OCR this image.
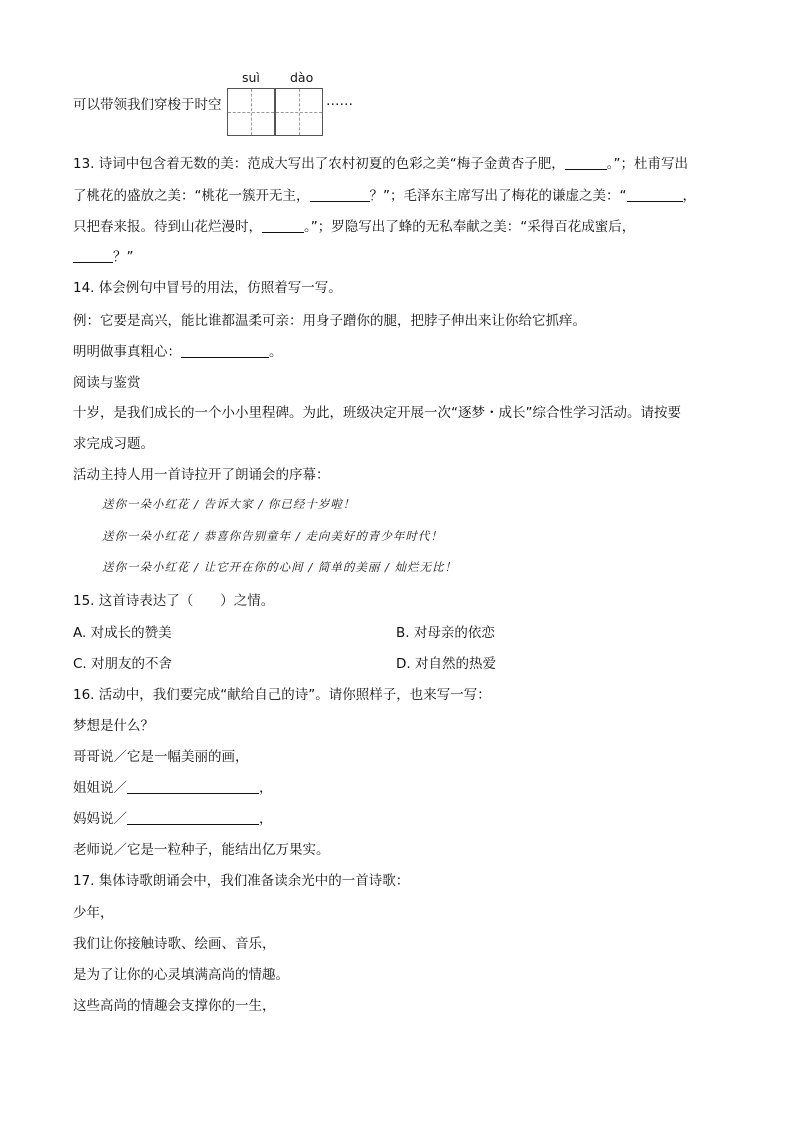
suì dào
可以带领我们穿梭于时空	……
13. 诗词中包含着无数的美：范成大写出了农村初夏的色彩之美“梅子金黄杏子肥，	。”；杜甫写出
了桃花的盛放之美：“桃花一簇开无主，	？”；毛泽东主席写出了梅花的谦虚之美：“	，
只把春来报。待到山花烂漫时，	。”；罗隐写出了蜂的无私奉献之美：“采得百花成蜜后，
？”
14. 体会例句中冒号的用法，仿照着写一写。
例：它要是高兴，能比谁都温柔可亲：用身子蹭你的腿，把脖子伸出来让你给它抓痒。
明明做事真粗心：	。
阅读与鉴赏
十岁，是我们成长的一个小小里程碑。为此，班级决定开展一次“逐梦・成长”综合性学习活动。请按要
求完成习题。
活动主持人用一首诗拉开了朗诵会的序幕：
送你一朵小红花 / 告诉大家 / 你已经十岁啦！
送你一朵小红花 / 恭喜你告别童年 / 走向美好的青少年时代！
送你一朵小红花 / 让它开在你的心间 / 简单的美丽 / 灿烂无比！
15. 这首诗表达了（　　）之情。
A. 对成长的赞美	B. 对母亲的依恋
C. 对朋友的不舍	D. 对自然的热爱
16. 活动中，我们要完成“献给自己的诗”。请你照样子，也来写一写：
梦想是什么？
哥哥说／它是一幅美丽的画，
姐姐说／	，
妈妈说／	，
老师说／它是一粒种子，能结出亿万果实。
17. 集体诗歌朗诵会中，我们准备读余光中的一首诗歌：
少年，
我们让你接触诗歌、绘画、音乐，
是为了让你的心灵填满高尚的情趣。
这些高尚的情趣会支撑你的一生，
